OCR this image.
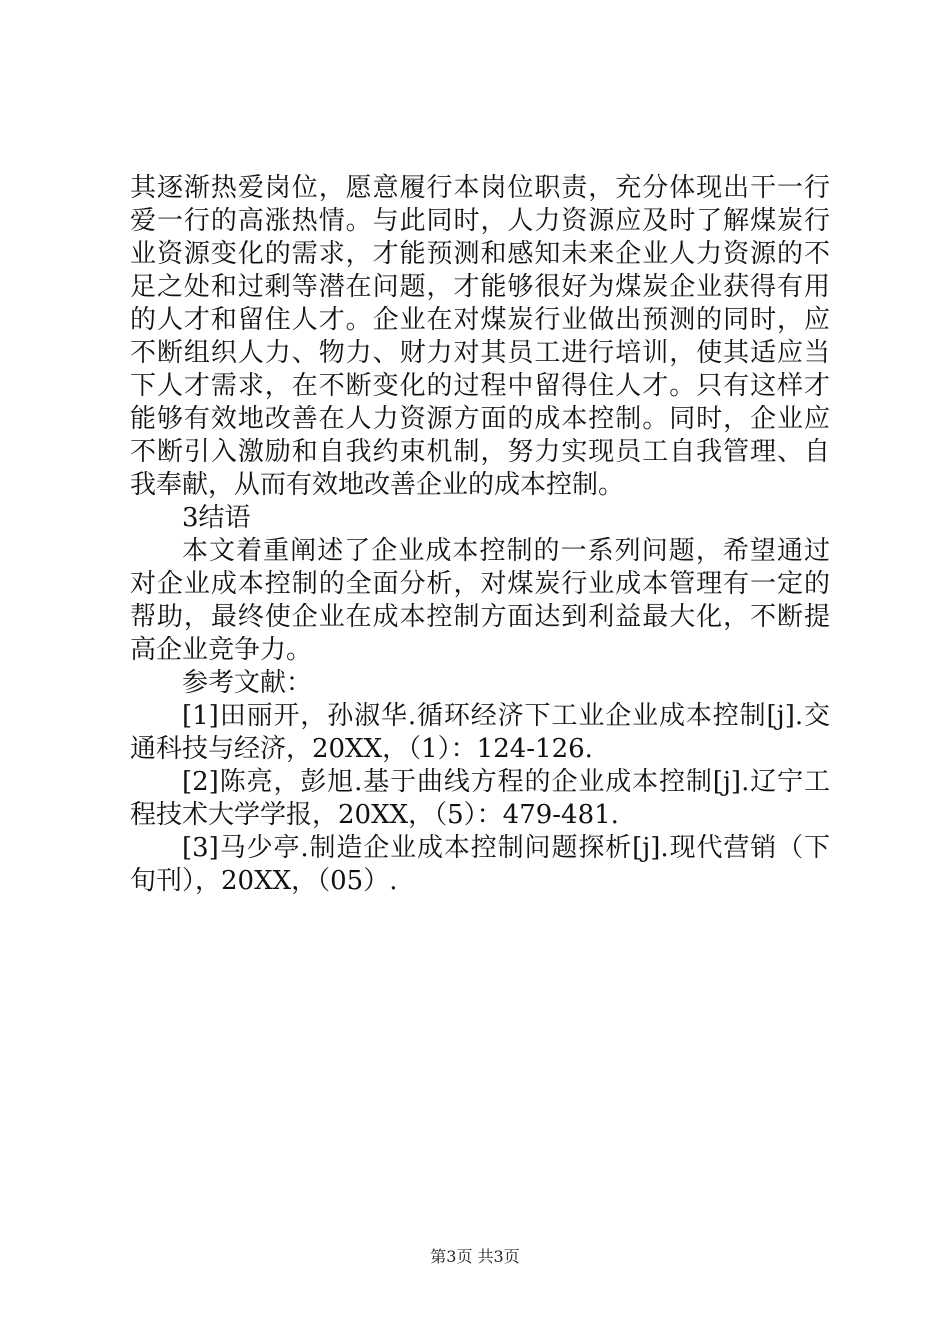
其逐渐热爱岗位，愿意履行本岗位职责，充分体现出干一行爱一行的高涨热情。与此同时，人力资源应及时了解煤炭行业资源变化的需求，才能预测和感知未来企业人力资源的不足之处和过剩等潜在问题，才能够很好为煤炭企业获得有用的人才和留住人才。企业在对煤炭行业做出预测的同时，应不断组织人力、物力、财力对其员工进行培训，使其适应当下人才需求，在不断变化的过程中留得住人才。只有这样才能够有效地改善在人力资源方面的成本控制。同时，企业应不断引入激励和自我约束机制，努力实现员工自我管理、自我奉献，从而有效地改善企业的成本控制。

3结语

本文着重阐述了企业成本控制的一系列问题，希望通过对企业成本控制的全面分析，对煤炭行业成本管理有一定的帮助，最终使企业在成本控制方面达到利益最大化，不断提高企业竞争力。

参考文献：

[1]田丽开，孙淑华.循环经济下工业企业成本控制[j].交通科技与经济，20XX，（1）：124-126.

[2]陈亮，彭旭.基于曲线方程的企业成本控制[j].辽宁工程技术大学学报，20XX，（5）：479-481.

[3]马少亭.制造企业成本控制问题探析[j].现代营销（下旬刊），20XX，（05）.

第3页 共3页
